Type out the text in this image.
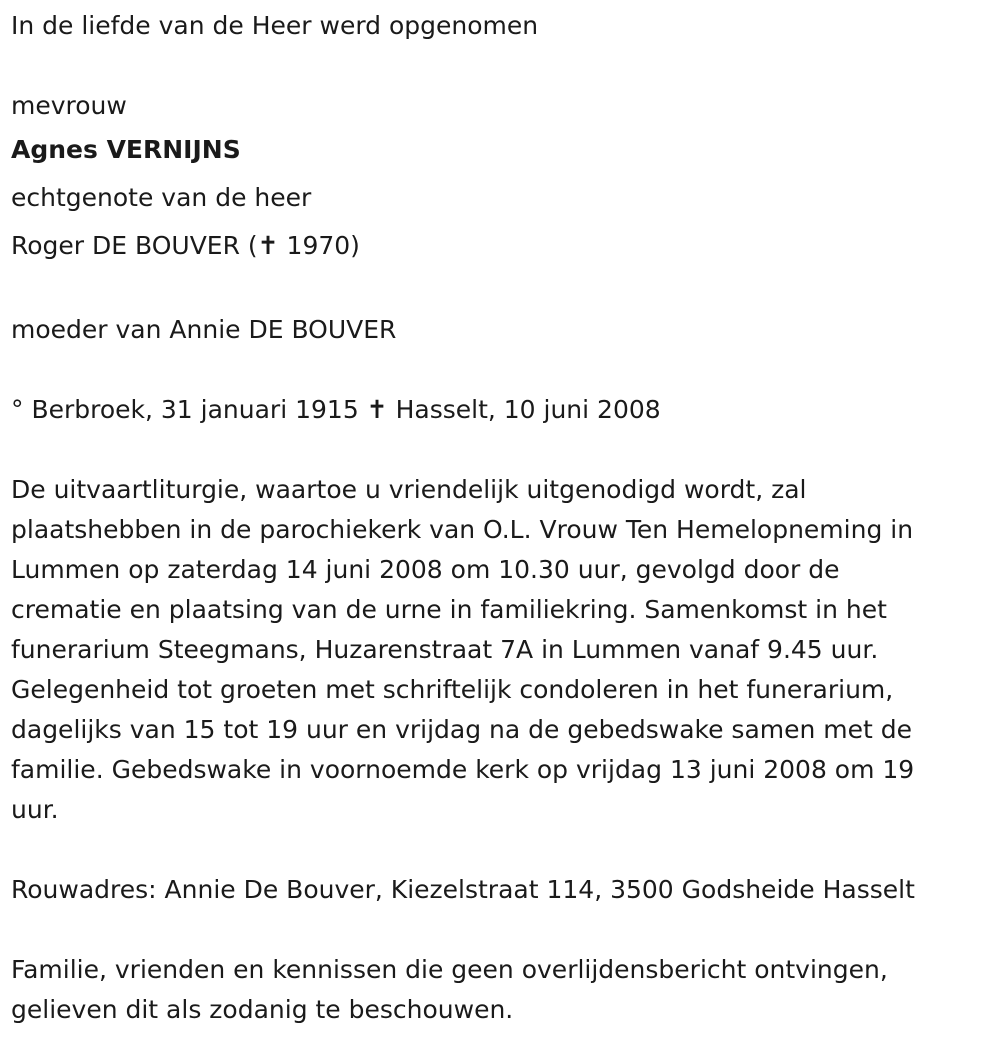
In de liefde van de Heer werd opgenomen

mevrouw

Agnes VERNIJNS

echtgenote van de heer

Roger DE BOUVER (✝ 1970)

moeder van Annie DE BOUVER

° Berbroek, 31 januari 1915 ✝ Hasselt, 10 juni 2008

De uitvaartliturgie, waartoe u vriendelijk uitgenodigd wordt, zal

plaatshebben in de parochiekerk van O.L. Vrouw Ten Hemelopneming in

Lummen op zaterdag 14 juni 2008 om 10.30 uur, gevolgd door de

crematie en plaatsing van de urne in familiekring. Samenkomst in het

funerarium Steegmans, Huzarenstraat 7A in Lummen vanaf 9.45 uur.

Gelegenheid tot groeten met schriftelijk condoleren in het funerarium,

dagelijks van 15 tot 19 uur en vrijdag na de gebedswake samen met de

familie. Gebedswake in voornoemde kerk op vrijdag 13 juni 2008 om 19

uur.

Rouwadres: Annie De Bouver, Kiezelstraat 114, 3500 Godsheide Hasselt

Familie, vrienden en kennissen die geen overlijdensbericht ontvingen,

gelieven dit als zodanig te beschouwen.
